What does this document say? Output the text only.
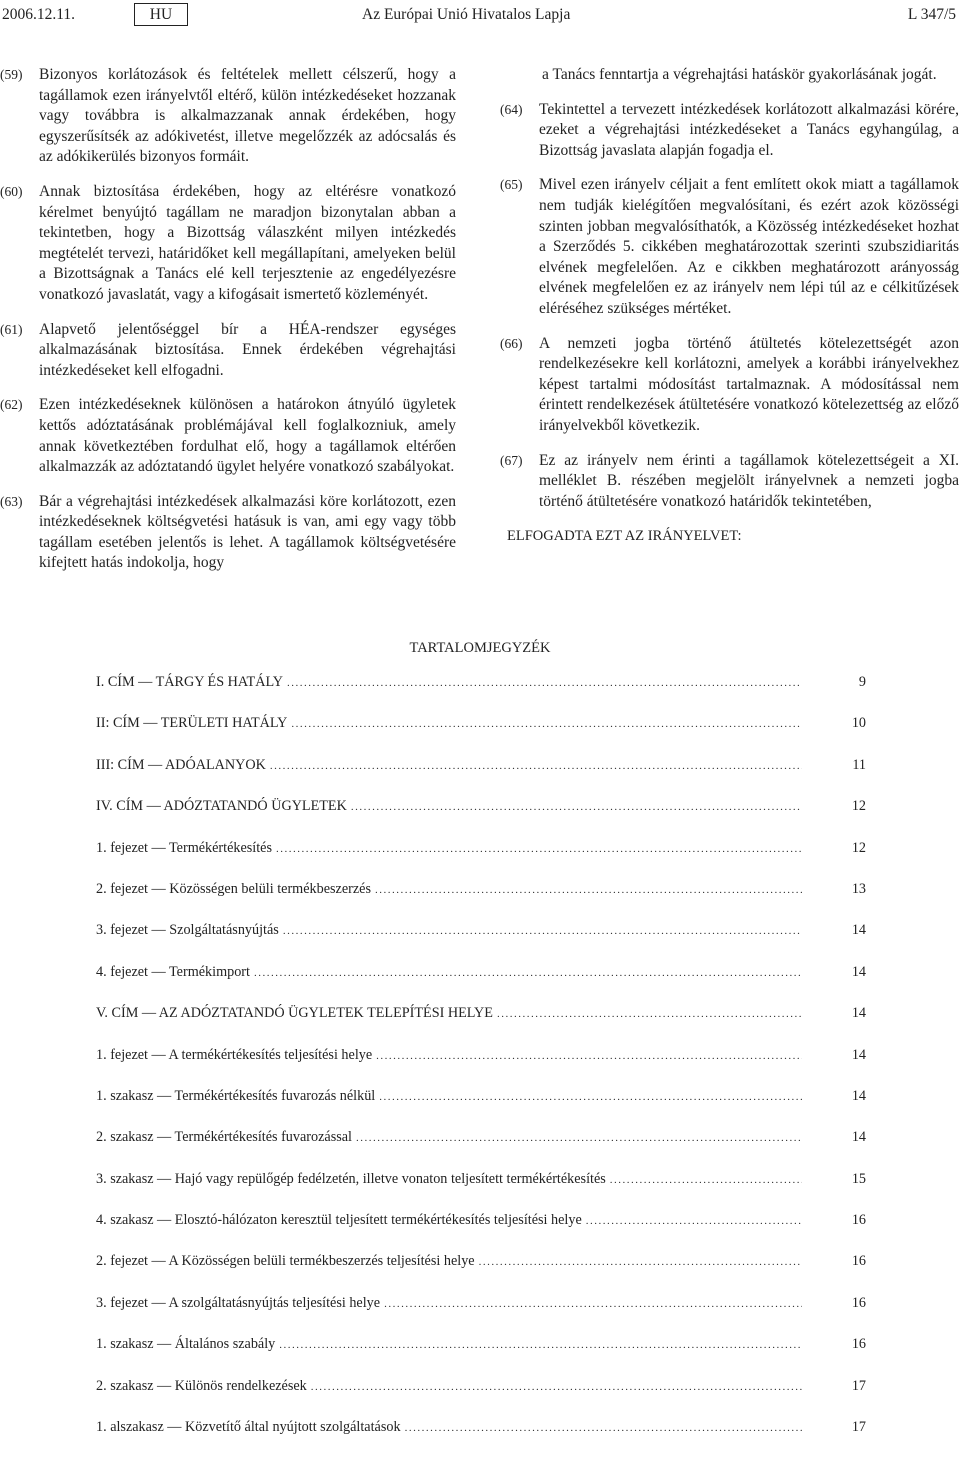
2006.12.11.	HU	Az Európai Unió Hivatalos Lapja	L 347/5
(59) Bizonyos korlátozások és feltételek mellett célszerű, hogy a tagállamok ezen irányelvtől eltérő, külön intézkedéseket hozzanak vagy továbbra is alkalmazzanak annak érdekében, hogy egyszerűsítsék az adókivetést, illetve megelőzzék az adócsalás és az adókikerülés bizonyos formáit.
(60) Annak biztosítása érdekében, hogy az eltérésre vonatkozó kérelmet benyújtó tagállam ne maradjon bizonytalan abban a tekintetben, hogy a Bizottság válaszként milyen intézkedés megtételét tervezi, határidőket kell megállapítani, amelyeken belül a Bizottságnak a Tanács elé kell terjesztenie az engedélyezésre vonatkozó javaslatát, vagy a kifogásait ismertető közleményét.
(61) Alapvető jelentőséggel bír a HÉA-rendszer egységes alkalmazásának biztosítása. Ennek érdekében végrehajtási intézkedéseket kell elfogadni.
(62) Ezen intézkedéseknek különösen a határokon átnyúló ügyletek kettős adóztatásának problémájával kell foglalkozniuk, amely annak következtében fordulhat elő, hogy a tagállamok eltérően alkalmazzák az adóztatandó ügylet helyére vonatkozó szabályokat.
(63) Bár a végrehajtási intézkedések alkalmazási köre korlátozott, ezen intézkedéseknek költségvetési hatásuk is van, ami egy vagy több tagállam esetében jelentős is lehet. A tagállamok költségvetésére kifejtett hatás indokolja, hogy
a Tanács fenntartja a végrehajtási hatáskör gyakorlásának jogát.
(64) Tekintettel a tervezett intézkedések korlátozott alkalmazási körére, ezeket a végrehajtási intézkedéseket a Tanács egyhangúlag, a Bizottság javaslata alapján fogadja el.
(65) Mivel ezen irányelv céljait a fent említett okok miatt a tagállamok nem tudják kielégítően megvalósítani, és ezért azok közösségi szinten jobban megvalósíthatók, a Közösség intézkedéseket hozhat a Szerződés 5. cikkében meghatározottak szerinti szubszidiaritás elvének megfelelően. Az e cikkben meghatározott arányosság elvének megfelelően ez az irányelv nem lépi túl az e célkitűzések eléréséhez szükséges mértéket.
(66) A nemzeti jogba történő átültetés kötelezettségét azon rendelkezésekre kell korlátozni, amelyek a korábbi irányelvekhez képest tartalmi módosítást tartalmaznak. A módosítással nem érintett rendelkezések átültetésére vonatkozó kötelezettség az előző irányelvekből következik.
(67) Ez az irányelv nem érinti a tagállamok kötelezettségeit a XI. melléklet B. részében megjelölt irányelvnek a nemzeti jogba történő átültetésére vonatkozó határidők tekintetében,
ELFOGADTA EZT AZ IRÁNYELVET:
TARTALOMJEGYZÉK
I. CÍM — TÁRGY ÉS HATÁLY .....	9
II: CÍM — TERÜLETI HATÁLY .....	10
III: CÍM — ADÓALANYOK .....	11
IV. CÍM — ADÓZTATANDÓ ÜGYLETEK .....	12
1. fejezet — Termékértékesítés .....	12
2. fejezet — Közösségen belüli termékbeszerzés .....	13
3. fejezet — Szolgáltatásnyújtás .....	14
4. fejezet — Termékimport .....	14
V. CÍM — AZ ADÓZTATANDÓ ÜGYLETEK TELEPÍTÉSI HELYE .....	14
1. fejezet — A termékértékesítés teljesítési helye .....	14
1. szakasz — Termékértékesítés fuvarozás nélkül .....	14
2. szakasz — Termékértékesítés fuvarozással .....	14
3. szakasz — Hajó vagy repülőgép fedélzetén, illetve vonaton teljesített termékértékesítés .....	15
4. szakasz — Elosztó-hálózaton keresztül teljesített termékértékesítés teljesítési helye .....	16
2. fejezet — A Közösségen belüli termékbeszerzés teljesítési helye .....	16
3. fejezet — A szolgáltatásnyújtás teljesítési helye .....	16
1. szakasz — Általános szabály .....	16
2. szakasz — Különös rendelkezések .....	17
1. alszakasz — Közvetítő által nyújtott szolgáltatások .....	17
